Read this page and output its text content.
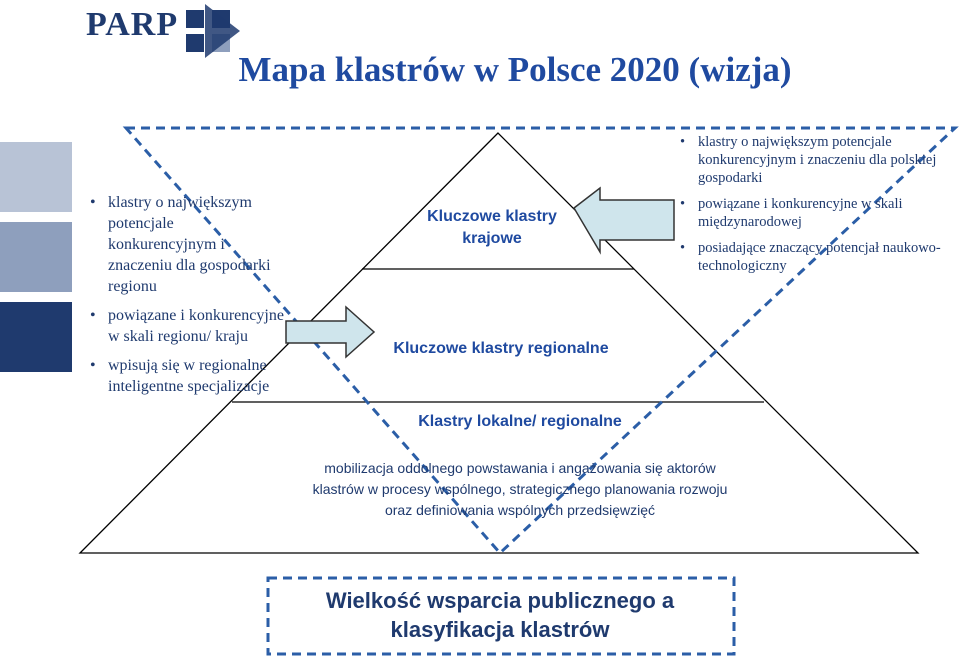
PARP
Mapa klastrów w Polsce 2020 (wizja)
• klastry o największym potencjale konkurencyjnym i znaczeniu dla gospodarki regionu
• powiązane i konkurencyjne w skali regionu/ kraju
• wpisują się w regionalne inteligentne specjalizacje
• klastry o największym potencjale konkurencyjnym i znaczeniu dla polskiej gospodarki
• powiązane i konkurencyjne w skali międzynarodowej
• posiadające znaczący potencjał naukowo-technologiczny
Kluczowe klastry krajowe
Kluczowe klastry regionalne
Klastry lokalne/ regionalne
mobilizacja oddolnego powstawania i angażowania się aktorów klastrów w procesy wspólnego, strategicznego planowania rozwoju oraz definiowania wspólnych przedsięwzięć
Wielkość wsparcia publicznego a klasyfikacja klastrów
